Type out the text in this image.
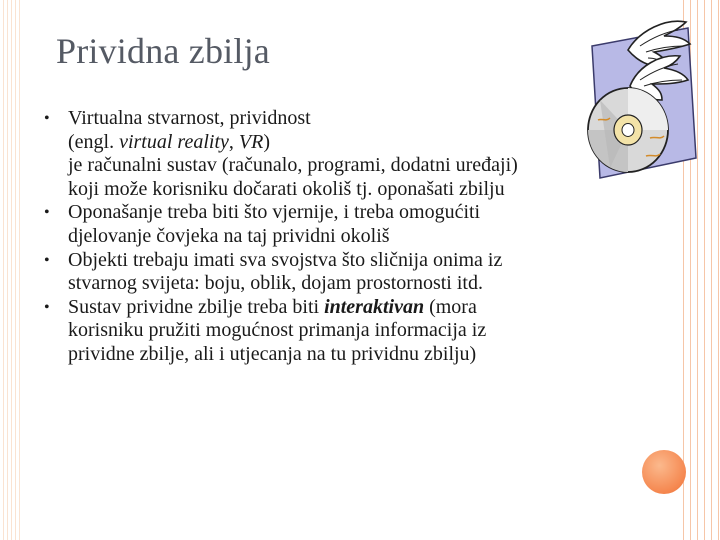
Prividna zbilja
• Virtualna stvarnost, prividnost
(engl. virtual reality, VR)
je računalni sustav (računalo, programi, dodatni uređaji)
koji može korisniku dočarati okoliš tj. oponašati zbilju
• Oponašanje treba biti što vjernije, i treba omogućiti
djelovanje čovjeka na taj prividni okoliš
• Objekti trebaju imati sva svojstva što sličnija onima iz
stvarnog svijeta: boju, oblik, dojam prostornosti itd.
• Sustav prividne zbilje treba biti interaktivan (mora
korisniku pružiti mogućnost primanja informacija iz
prividne zbilje, ali i utjecanja na tu prividnu zbilju)
